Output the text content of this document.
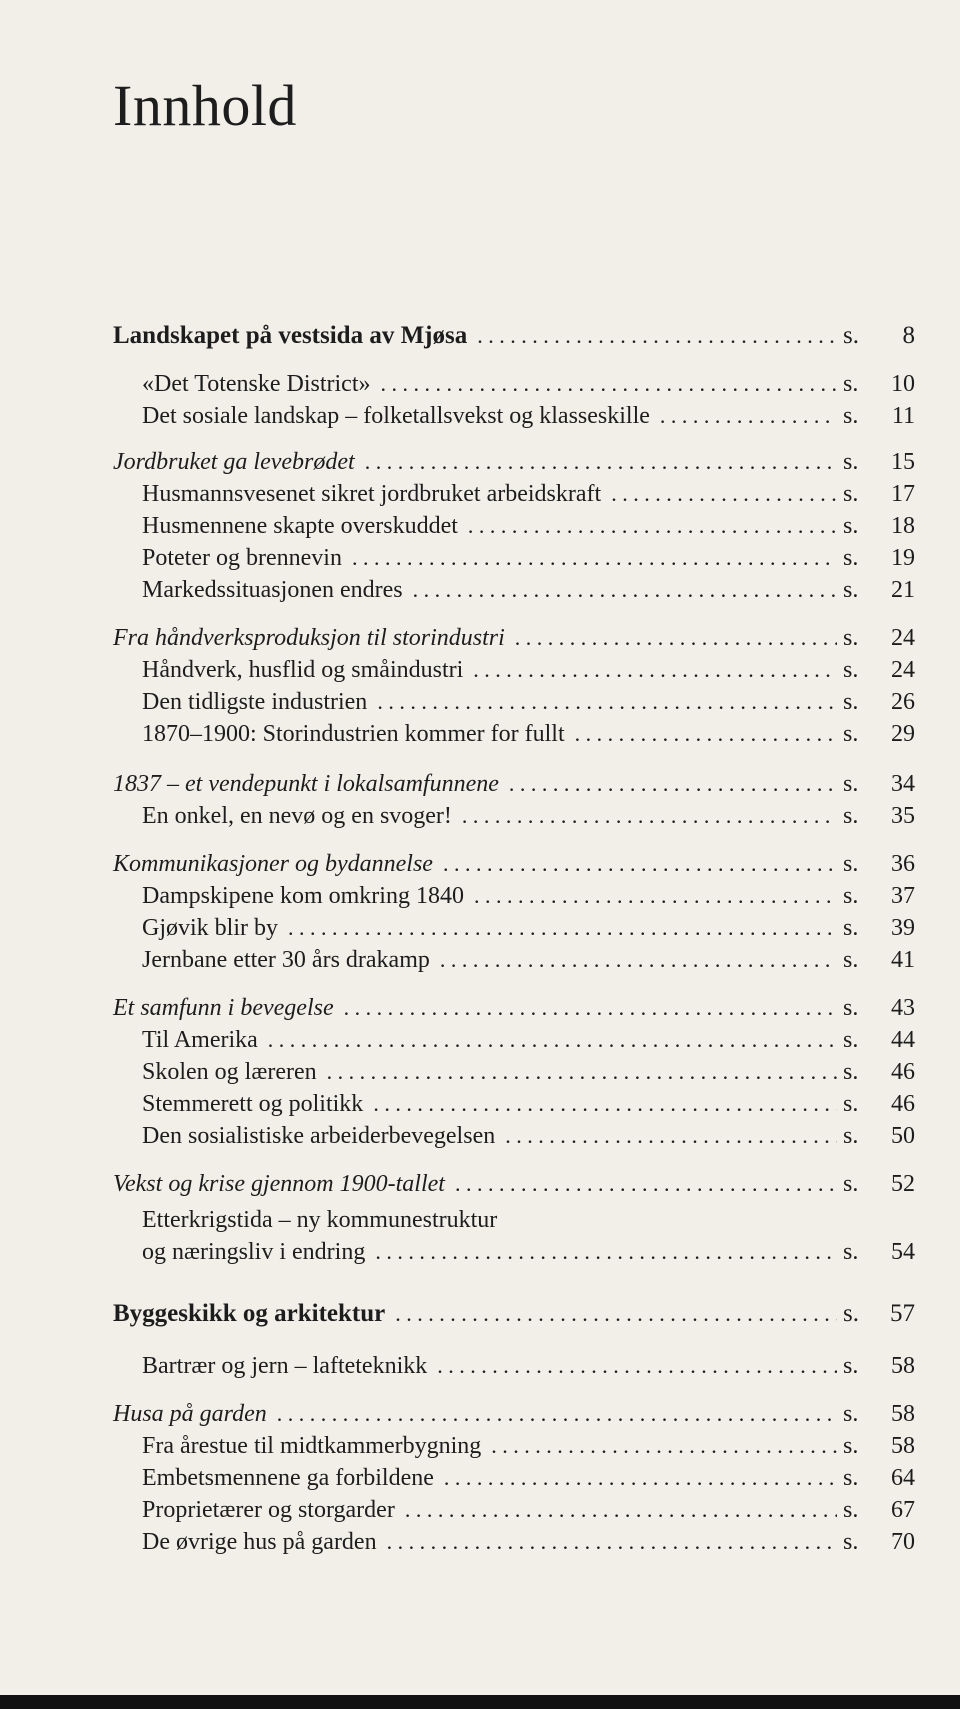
Innhold
Landskapet på vestsida av Mjøsa . . .	s.	8
«Det Totenske District» . . .	s.	10
Det sosiale landskap – folketallsvekst og klasseskille . . .	s.	11
Jordbruket ga levebrødet . . .	s.	15
Husmannsvesenet sikret jordbruket arbeidskraft . . .	s.	17
Husmennene skapte overskuddet . . .	s.	18
Poteter og brennevin . . .	s.	19
Markedssituasjonen endres . . .	s.	21
Fra håndverksproduksjon til storindustri . . .	s.	24
Håndverk, husflid og småindustri . . .	s.	24
Den tidligste industrien . . .	s.	26
1870–1900: Storindustrien kommer for fullt . . .	s.	29
1837 – et vendepunkt i lokalsamfunnene . . .	s.	34
En onkel, en nevø og en svoger! . . .	s.	35
Kommunikasjoner og bydannelse . . .	s.	36
Dampskipene kom omkring 1840 . . .	s.	37
Gjøvik blir by . . .	s.	39
Jernbane etter 30 års drakamp . . .	s.	41
Et samfunn i bevegelse . . .	s.	43
Til Amerika . . .	s.	44
Skolen og læreren . . .	s.	46
Stemmerett og politikk . . .	s.	46
Den sosialistiske arbeiderbevegelsen . . .	s.	50
Vekst og krise gjennom 1900-tallet . . .	s.	52
Etterkrigstida – ny kommunestruktur
og næringsliv i endring . . .	s.	54
Byggeskikk og arkitektur . . .	s.	57
Bartrær og jern – lafteteknikk . . .	s.	58
Husa på garden . . .	s.	58
Fra årestue til midtkammerbygning . . .	s.	58
Embetsmennene ga forbildene . . .	s.	64
Proprietærer og storgarder . . .	s.	67
De øvrige hus på garden . . .	s.	70
